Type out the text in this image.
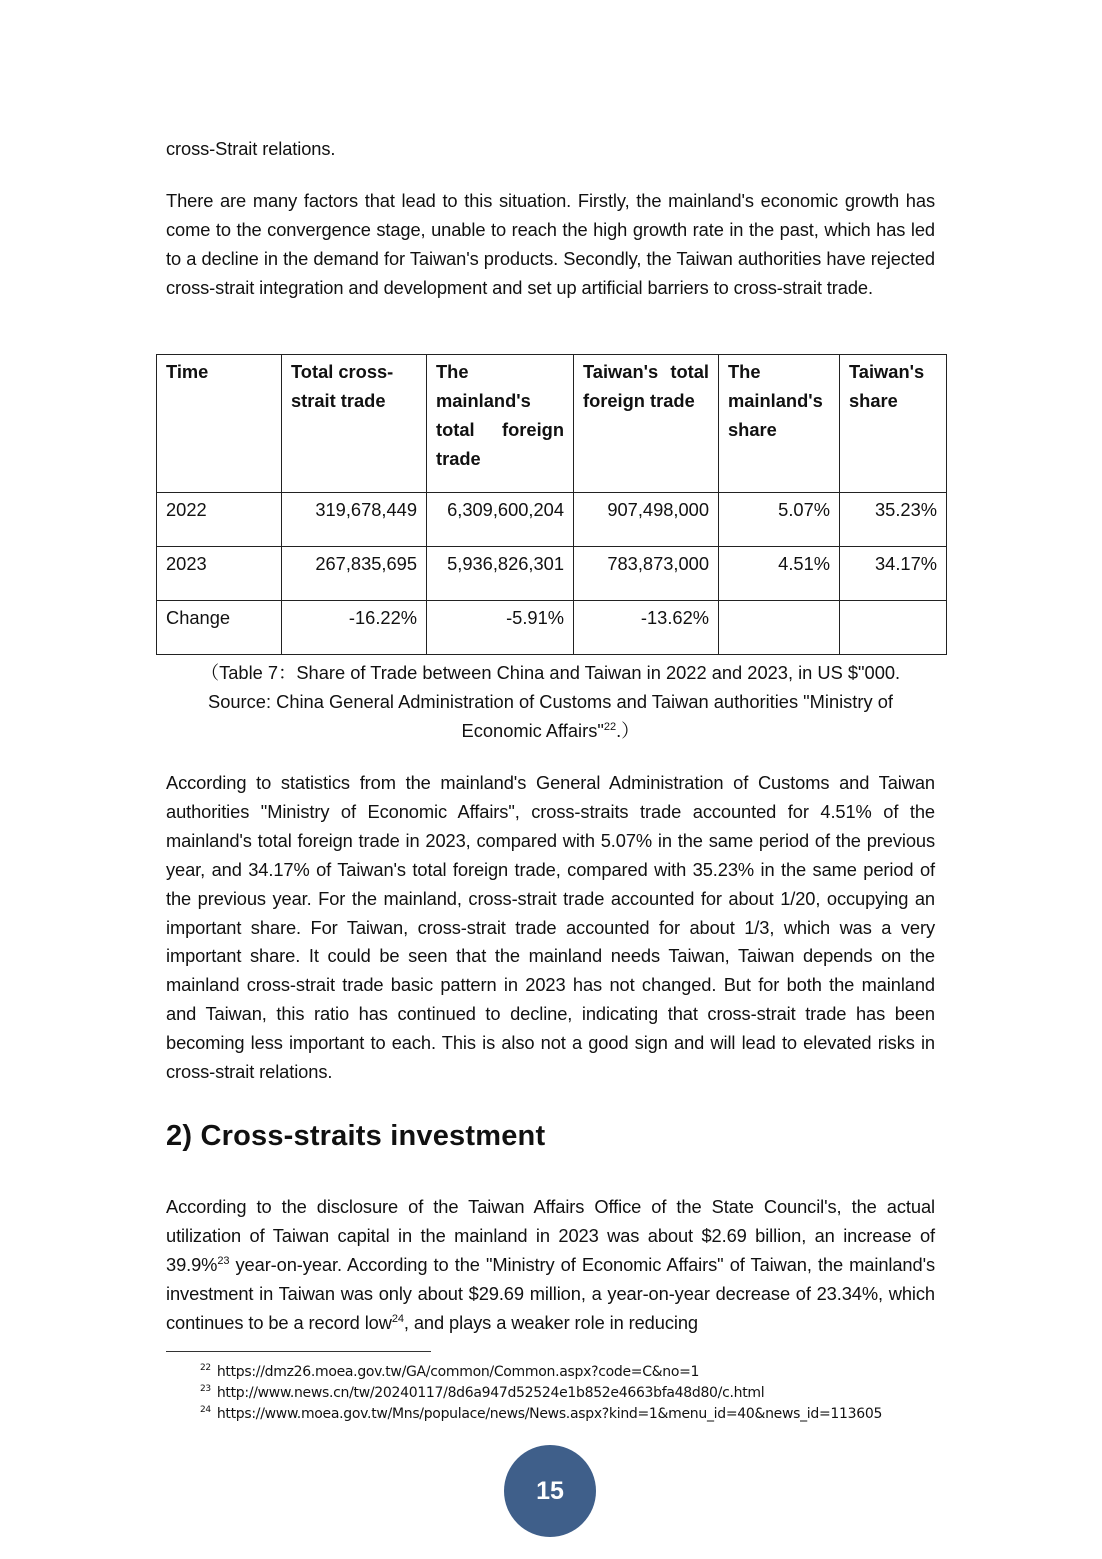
cross-Strait relations.

There are many factors that lead to this situation. Firstly, the mainland's economic growth has come to the convergence stage, unable to reach the high growth rate in the past, which has led to a decline in the demand for Taiwan's products. Secondly, the Taiwan authorities have rejected cross-strait integration and development and set up artificial barriers to cross-strait trade.

Time	Total cross-strait trade	The mainland's total foreign trade	Taiwan's total foreign trade	The mainland's share	Taiwan's share
2022	319,678,449	6,309,600,204	907,498,000	5.07%	35.23%
2023	267,835,695	5,936,826,301	783,873,000	4.51%	34.17%
Change	-16.22%	-5.91%	-13.62%		
（Table 7：Share of Trade between China and Taiwan in 2022 and 2023, in US $"000.
Source: China General Administration of Customs and Taiwan authorities "Ministry of
Economic Affairs"$^{22}$.）

According to statistics from the mainland's General Administration of Customs and Taiwan authorities "Ministry of Economic Affairs", cross-straits trade accounted for 4.51% of the mainland's total foreign trade in 2023, compared with 5.07% in the same period of the previous year, and 34.17% of Taiwan's total foreign trade, compared with 35.23% in the same period of the previous year. For the mainland, cross-strait trade accounted for about 1/20, occupying an important share. For Taiwan, cross-strait trade accounted for about 1/3, which was a very important share. It could be seen that the mainland needs Taiwan, Taiwan depends on the mainland cross-strait trade basic pattern in 2023 has not changed. But for both the mainland and Taiwan, this ratio has continued to decline, indicating that cross-strait trade has been becoming less important to each. This is also not a good sign and will lead to elevated risks in cross-strait relations.

2) Cross-straits investment

According to the disclosure of the Taiwan Affairs Office of the State Council's, the actual utilization of Taiwan capital in the mainland in 2023 was about $2.69 billion, an increase of 39.9%$^{23}$ year-on-year. According to the "Ministry of Economic Affairs" of Taiwan, the mainland's investment in Taiwan was only about $29.69 million, a year-on-year decrease of 23.34%, which continues to be a record low$^{24}$, and plays a weaker role in reducing

$^{22}$ https://dmz26.moea.gov.tw/GA/common/Common.aspx?code=C&no=1
$^{23}$ http://www.news.cn/tw/20240117/8d6a947d52524e1b852e4663bfa48d80/c.html
$^{24}$ https://www.moea.gov.tw/Mns/populace/news/News.aspx?kind=1&menu_id=40&news_id=113605
15
